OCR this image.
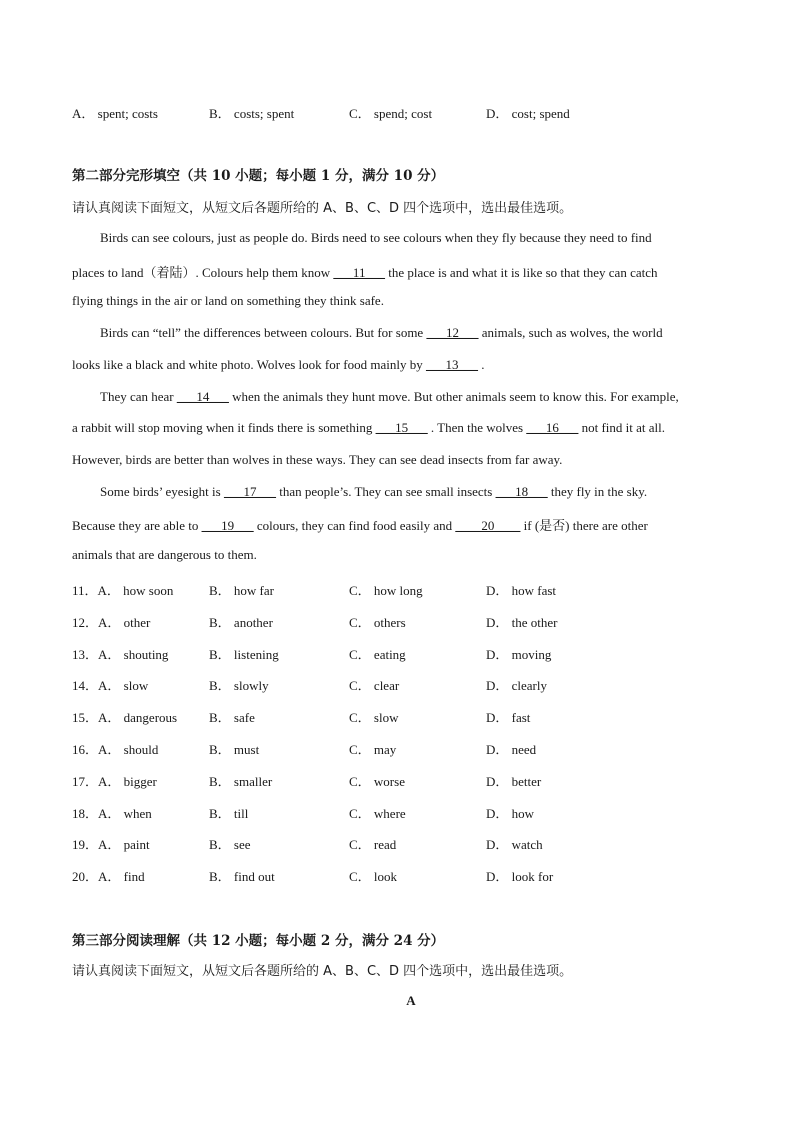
A． spent; costs	B． costs; spent	C． spend; cost	D． cost; spend
第二部分完形填空（共 10 小题；每小题 1 分，满分 10 分）
请认真阅读下面短文，从短文后各题所给的 A、B、C、D 四个选项中，选出最佳选项。
Birds can see colours, just as people do. Birds need to see colours when they fly because they need to find
places to land（着陆）. Colours help them know ___11___ the place is and what it is like so that they can catch
flying things in the air or land on something they think safe.
Birds can “tell” the differences between colours. But for some ___12___ animals, such as wolves, the world
looks like a black and white photo. Wolves look for food mainly by ___13___ .
They can hear ___14___ when the animals they hunt move. But other animals seem to know this. For example,
a rabbit will stop moving when it finds there is something ___15___ . Then the wolves ___16___ not find it at all.
However, birds are better than wolves in these ways. They can see dead insects from far away.
Some birds’ eyesight is ___17___ than people’s. They can see small insects ___18___ they fly in the sky.
Because they are able to ___19___ colours, they can find food easily and ____20____ if (是否) there are other
animals that are dangerous to them.
11．A． how soon	B． how far	C． how long	D． how fast
12．A． other	B． another	C． others	D． the other
13．A． shouting	B． listening	C． eating	D． moving
14．A． slow	B． slowly	C． clear	D． clearly
15．A． dangerous B． safe	C． slow	D． fast
16．A． should	B． must	C． may	D． need
17．A． bigger	B． smaller	C． worse	D． better
18．A． when	B． till	C． where	D． how
19．A． paint	B． see	C． read	D． watch
20．A． find	B． find out	C． look	D． look for
第三部分阅读理解（共 12 小题；每小题 2 分，满分 24 分）
请认真阅读下面短文，从短文后各题所给的 A、B、C、D 四个选项中，选出最佳选项。
A
